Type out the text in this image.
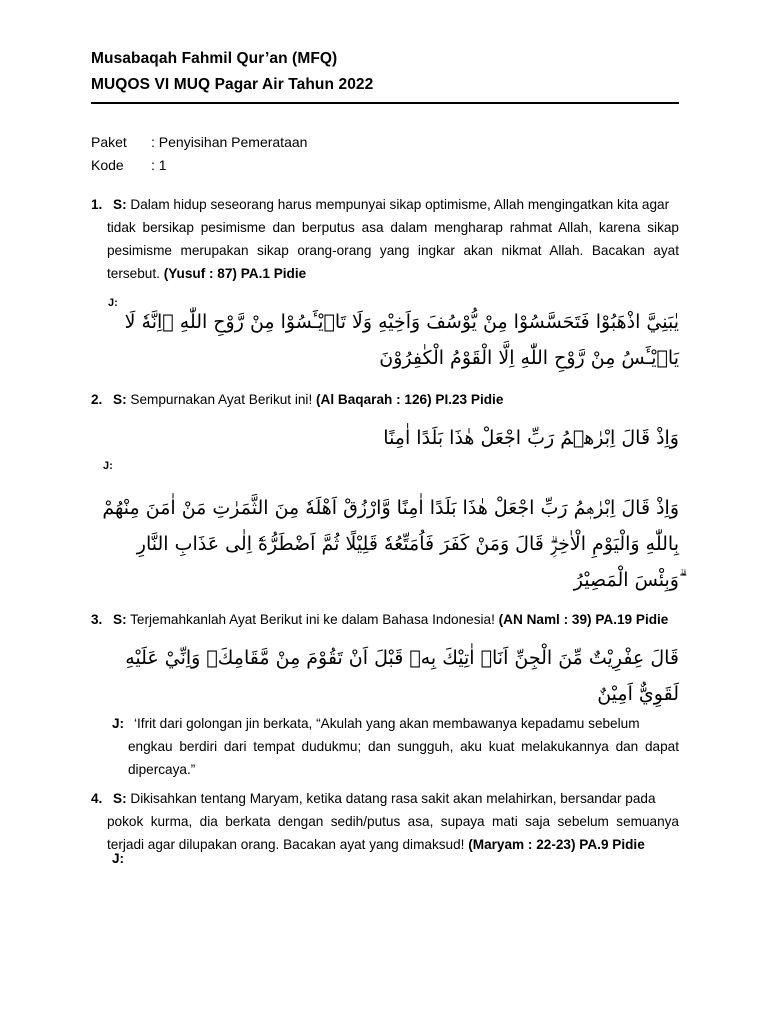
Musabaqah Fahmil Qur’an (MFQ)
MUQOS VI MUQ Pagar Air Tahun 2022
Paket	: Penyisihan Pemerataan
Kode	: 1
1. S: Dalam hidup seseorang harus mempunyai sikap optimisme, Allah mengingatkan kita agar
tidak bersikap pesimisme dan berputus asa dalam mengharap rahmat Allah, karena sikap pesimisme merupakan sikap orang-orang yang ingkar akan nikmat Allah. Bacakan ayat tersebut. (Yusuf : 87) PA.1 Pidie
J:
يٰبَنِيَّ اذْهَبُوْا فَتَحَسَّسُوْا مِنْ يُّوْسُفَ وَاَخِيْهِ وَلَا تَا۟يْـَٔسُوْا مِنْ رَّوْحِ اللّٰهِ ۗاِنَّهٗ لَا يَا۟يْـَٔسُ مِنْ رَّوْحِ اللّٰهِ اِلَّا الْقَوْمُ الْكٰفِرُوْنَ
2. S: Sempurnakan Ayat Berikut ini! (Al Baqarah : 126) PI.23 Pidie
وَاِذْ قَالَ اِبْرٰهٖمُ رَبِّ اجْعَلْ هٰذَا بَلَدًا اٰمِنًا
J:
وَاِذْ قَالَ اِبْرٰهٖمُ رَبِّ اجْعَلْ هٰذَا بَلَدًا اٰمِنًا وَّارْزُقْ اَهْلَهٗ مِنَ الثَّمَرٰتِ مَنْ اٰمَنَ مِنْهُمْ بِاللّٰهِ وَالْيَوْمِ الْاٰخِرِۗ قَالَ وَمَنْ كَفَرَ فَاُمَتِّعُهٗ قَلِيْلًا ثُمَّ اَضْطَرُّهٗٓ اِلٰى عَذَابِ النَّارِ ۗوَبِئْسَ الْمَصِيْرُ
3. S: Terjemahkanlah Ayat Berikut ini ke dalam Bahasa Indonesia! (AN Naml : 39) PA.19 Pidie
قَالَ عِفْرِيْتٌ مِّنَ الْجِنِّ اَنَا۠ اٰتِيْكَ بِهٖ قَبْلَ اَنْ تَقُوْمَ مِنْ مَّقَامِكَۚ وَاِنِّيْ عَلَيْهِ لَقَوِيٌّ اَمِيْنٌ
J: ‘Ifrit dari golongan jin berkata, “Akulah yang akan membawanya kepadamu sebelum
engkau berdiri dari tempat dudukmu; dan sungguh, aku kuat melakukannya dan dapat dipercaya.”
4. S: Dikisahkan tentang Maryam, ketika datang rasa sakit akan melahirkan, bersandar pada
pokok kurma, dia berkata dengan sedih/putus asa, supaya mati saja sebelum semuanya terjadi agar dilupakan orang. Bacakan ayat yang dimaksud! (Maryam : 22-23) PA.9 Pidie
J:
